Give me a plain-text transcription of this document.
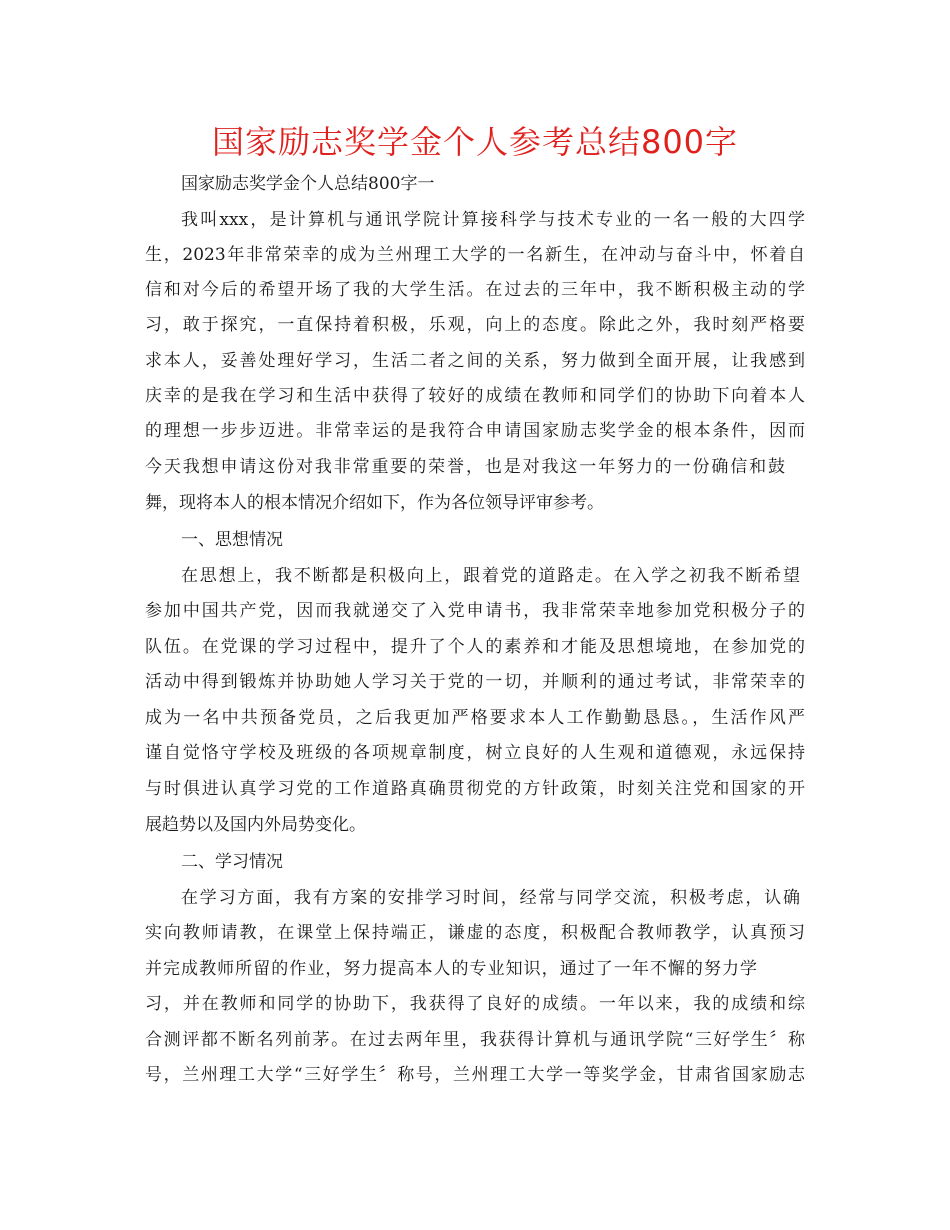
国家励志奖学金个人参考总结800字
国家励志奖学金个人总结800字一
我叫xxx，是计算机与通讯学院计算接科学与技术专业的一名一般的大四学
生，2023年非常荣幸的成为兰州理工大学的一名新生，在冲动与奋斗中，怀着自
信和对今后的希望开场了我的大学生活。在过去的三年中，我不断积极主动的学
习，敢于探究，一直保持着积极，乐观，向上的态度。除此之外，我时刻严格要
求本人，妥善处理好学习，生活二者之间的关系，努力做到全面开展，让我感到
庆幸的是我在学习和生活中获得了较好的成绩在教师和同学们的协助下向着本人
的理想一步步迈进。非常幸运的是我符合申请国家励志奖学金的根本条件，因而
今天我想申请这份对我非常重要的荣誉，也是对我这一年努力的一份确信和鼓
舞，现将本人的根本情况介绍如下，作为各位领导评审参考。
一、思想情况
在思想上，我不断都是积极向上，跟着党的道路走。在入学之初我不断希望
参加中国共产党，因而我就递交了入党申请书，我非常荣幸地参加党积极分子的
队伍。在党课的学习过程中，提升了个人的素养和才能及思想境地，在参加党的
活动中得到锻炼并协助她人学习关于党的一切，并顺利的通过考试，非常荣幸的
成为一名中共预备党员，之后我更加严格要求本人工作勤勤恳恳。，生活作风严
谨自觉恪守学校及班级的各项规章制度，树立良好的人生观和道德观，永远保持
与时俱进认真学习党的工作道路真确贯彻党的方针政策，时刻关注党和国家的开
展趋势以及国内外局势变化。
二、学习情况
在学习方面，我有方案的安排学习时间，经常与同学交流，积极考虑，认确
实向教师请教，在课堂上保持端正，谦虚的态度，积极配合教师教学，认真预习
并完成教师所留的作业，努力提高本人的专业知识，通过了一年不懈的努力学
习，并在教师和同学的协助下，我获得了良好的成绩。一年以来，我的成绩和综
合测评都不断名列前茅。在过去两年里，我获得计算机与通讯学院“三好学生〞称
号，兰州理工大学“三好学生〞称号，兰州理工大学一等奖学金，甘肃省国家励志
